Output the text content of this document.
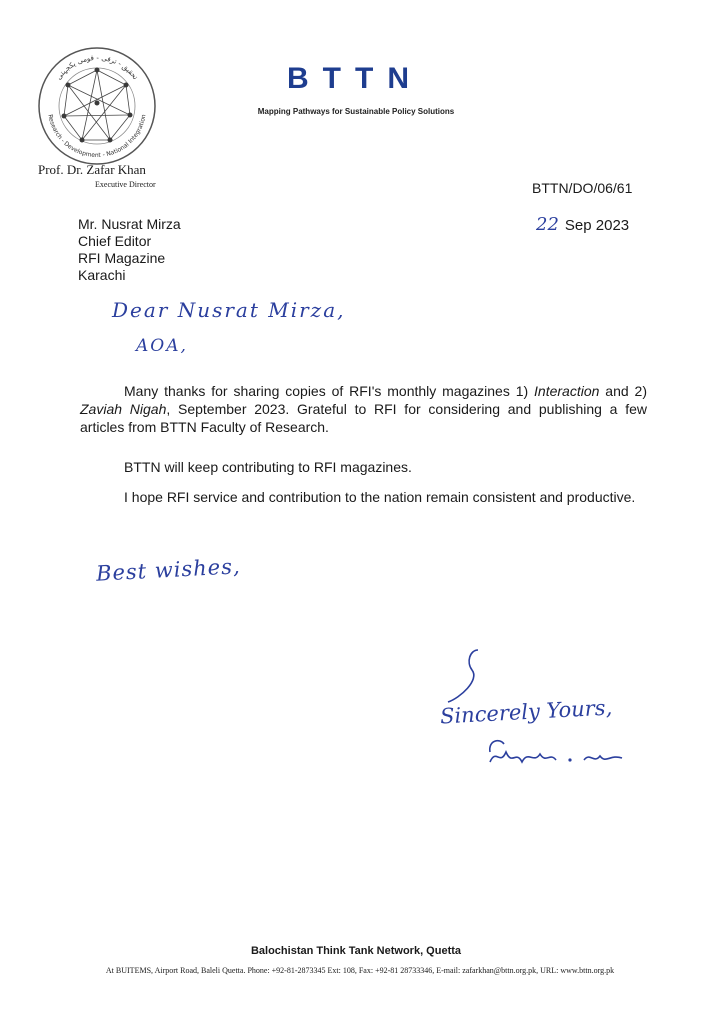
تحقیق - ترقی - قومی یکجہتی
Research - Development - National Integration
BTTN
Mapping Pathways for Sustainable Policy Solutions
Prof. Dr. Zafar Khan
Executive Director	BTTN/DO/06/61
22 Sep 2023
Mr. Nusrat Mirza
Chief Editor
RFI Magazine
Karachi
Dear Nusrat Mirza,
AOA,
Many thanks for sharing copies of RFI's monthly magazines 1) Interaction and 2) Zaviah Nigah, September 2023. Grateful to RFI for considering and publishing a few articles from BTTN Faculty of Research.
BTTN will keep contributing to RFI magazines.
I hope RFI service and contribution to the nation remain consistent and productive.
Best wishes,
Sincerely Yours,
Balochistan Think Tank Network, Quetta
At BUITEMS, Airport Road, Baleli Quetta. Phone: +92-81-2873345 Ext: 108, Fax: +92-81 28733346, E-mail: zafarkhan@bttn.org.pk, URL: www.bttn.org.pk
